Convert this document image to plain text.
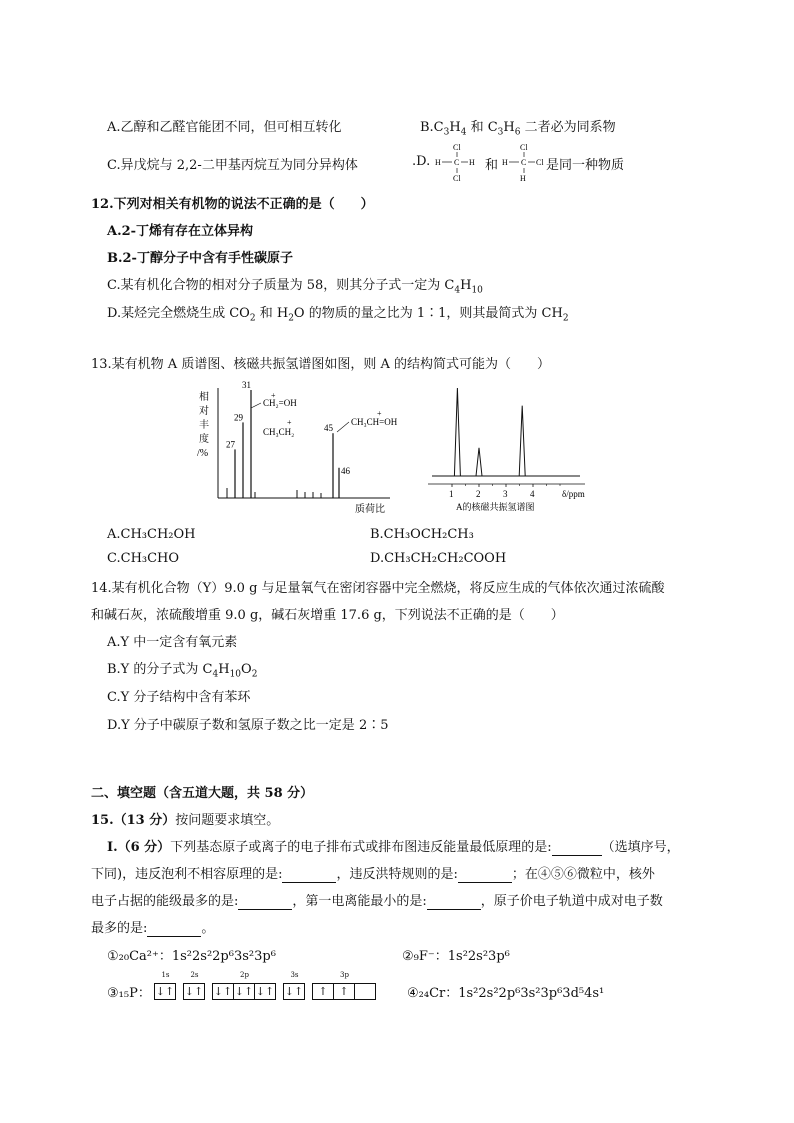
A.乙醇和乙醛官能团不同，但可相互转化	$B.C_3H_4$ 和 $C_3H_6$ 二者必为同系物
C.异戊烷与 2,2-二甲基丙烷互为同分异构体	.D.
Cl
H C H
Cl
和
Cl
H C Cl
H
是同一种物质
12.下列对相关有机物的说法不正确的是（　　）
A.2-丁烯有存在立体异构
B.2-丁醇分子中含有手性碳原子
C.某有机化合物的相对分子质量为 58，则其分子式一定为 $C_4H_{10}$
D.某烃完全燃烧生成 $CO_2$ 和 $H_2O$ 的物质的量之比为 1∶1，则其最简式为 $CH_2$
13.某有机物 A 质谱图、核磁共振氢谱图如图，则 A 的结构简式可能为（　　）
相
对
丰
度
/%
27
29
31
45
46
+
CH₂=OH
+
CH₃CH₂
+
CH₃CH=OH
质荷比
1	2	3	4	δ/ppm
A的核磁共振氢谱图
A.CH₃CH₂OH	B.CH₃OCH₂CH₃
C.CH₃CHO	D.CH₃CH₂CH₂COOH
14.某有机化合物（Y）9.0 g 与足量氧气在密闭容器中完全燃烧，将反应生成的气体依次通过浓硫酸
和碱石灰，浓硫酸增重 9.0 g，碱石灰增重 17.6 g，下列说法不正确的是（　　）
A.Y 中一定含有氧元素
B.Y 的分子式为 $C_4H_{10}O_2$
C.Y 分子结构中含有苯环
D.Y 分子中碳原子数和氢原子数之比一定是 2∶5
二、填空题（含五道大题，共 58 分）
15.（13 分）按问题要求填空。
Ⅰ.（6 分）下列基态原子或离子的电子排布式或排布图违反能量最低原理的是:	（选填序号，
下同)，违反泡利不相容原理的是:	，违反洪特规则的是:	；在④⑤⑥微粒中，核外
电子占据的能级最多的是:	，第一电离能最小的是:	，原子价电子轨道中成对电子数
最多的是:	。
①₂₀Ca²⁺：1s²2s²2p⁶3s²3p⁶	②₉F⁻：1s²2s²3p⁶
③₁₅P：
1s
↓↑
2s
↓↑
2p
↓↑ ↓↑ ↓↑
3s
↓↑
3p
↑ ↑	④₂₄Cr：1s²2s²2p⁶3s²3p⁶3d⁵4s¹
